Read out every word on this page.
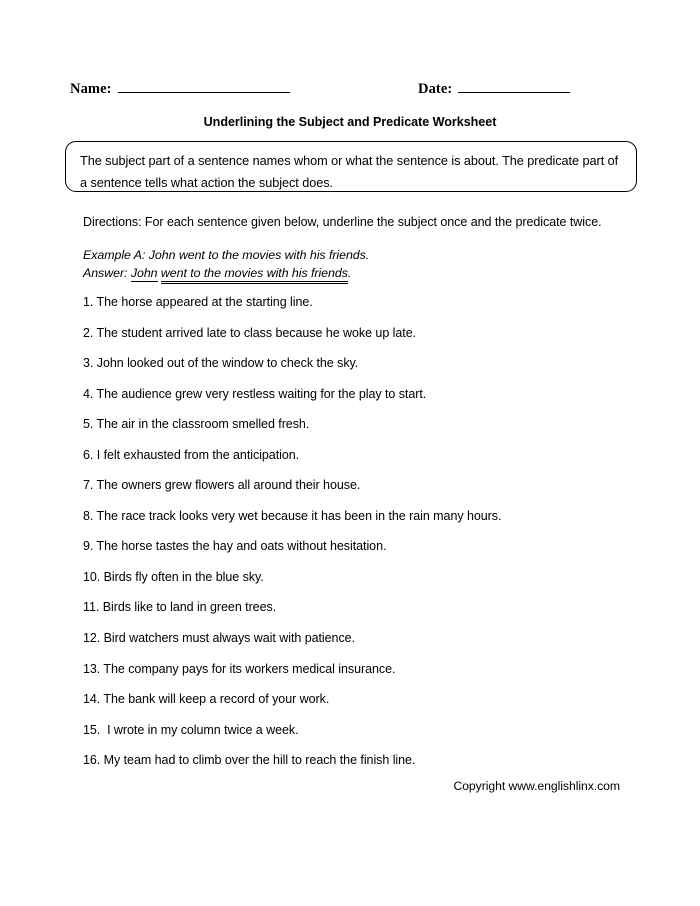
Name:	Date:
Underlining the Subject and Predicate Worksheet
The subject part of a sentence names whom or what the sentence is about. The predicate part of a sentence tells what action the subject does.
Directions: For each sentence given below, underline the subject once and the predicate twice.
Example A: John went to the movies with his friends.
Answer: John went to the movies with his friends.
1. The horse appeared at the starting line.
2. The student arrived late to class because he woke up late.
3. John looked out of the window to check the sky.
4. The audience grew very restless waiting for the play to start.
5. The air in the classroom smelled fresh.
6. I felt exhausted from the anticipation.
7. The owners grew flowers all around their house.
8. The race track looks very wet because it has been in the rain many hours.
9. The horse tastes the hay and oats without hesitation.
10. Birds fly often in the blue sky.
11. Birds like to land in green trees.
12. Bird watchers must always wait with patience.
13. The company pays for its workers medical insurance.
14. The bank will keep a record of your work.
15.  I wrote in my column twice a week.
16. My team had to climb over the hill to reach the finish line.
Copyright www.englishlinx.com
